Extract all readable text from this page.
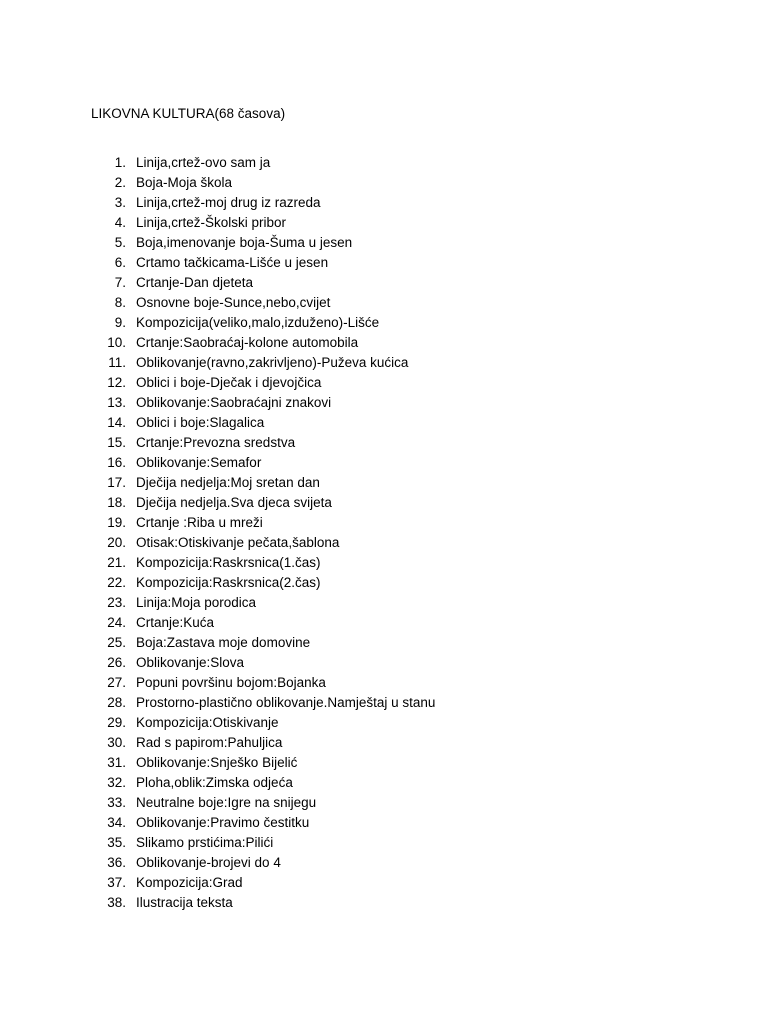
LIKOVNA KULTURA(68 časova)
1. Linija,crtež-ovo sam ja
2. Boja-Moja škola
3. Linija,crtež-moj drug iz razreda
4. Linija,crtež-Školski pribor
5. Boja,imenovanje boja-Šuma u jesen
6. Crtamo tačkicama-Lišće u jesen
7. Crtanje-Dan djeteta
8. Osnovne boje-Sunce,nebo,cvijet
9. Kompozicija(veliko,malo,izduženo)-Lišće
10. Crtanje:Saobraćaj-kolone automobila
11. Oblikovanje(ravno,zakrivljeno)-Puževa kućica
12. Oblici i boje-Dječak i djevojčica
13. Oblikovanje:Saobraćajni znakovi
14. Oblici i boje:Slagalica
15. Crtanje:Prevozna sredstva
16. Oblikovanje:Semafor
17. Dječija nedjelja:Moj sretan dan
18. Dječija nedjelja.Sva djeca svijeta
19. Crtanje :Riba u mreži
20. Otisak:Otiskivanje pečata,šablona
21. Kompozicija:Raskrsnica(1.čas)
22. Kompozicija:Raskrsnica(2.čas)
23. Linija:Moja porodica
24. Crtanje:Kuća
25. Boja:Zastava moje domovine
26. Oblikovanje:Slova
27. Popuni površinu bojom:Bojanka
28. Prostorno-plastično oblikovanje.Namještaj u stanu
29. Kompozicija:Otiskivanje
30. Rad s papirom:Pahuljica
31. Oblikovanje:Snješko Bijelić
32. Ploha,oblik:Zimska odjeća
33. Neutralne boje:Igre na snijegu
34. Oblikovanje:Pravimo čestitku
35. Slikamo prstićima:Pilići
36. Oblikovanje-brojevi do 4
37. Kompozicija:Grad
38. Ilustracija teksta
